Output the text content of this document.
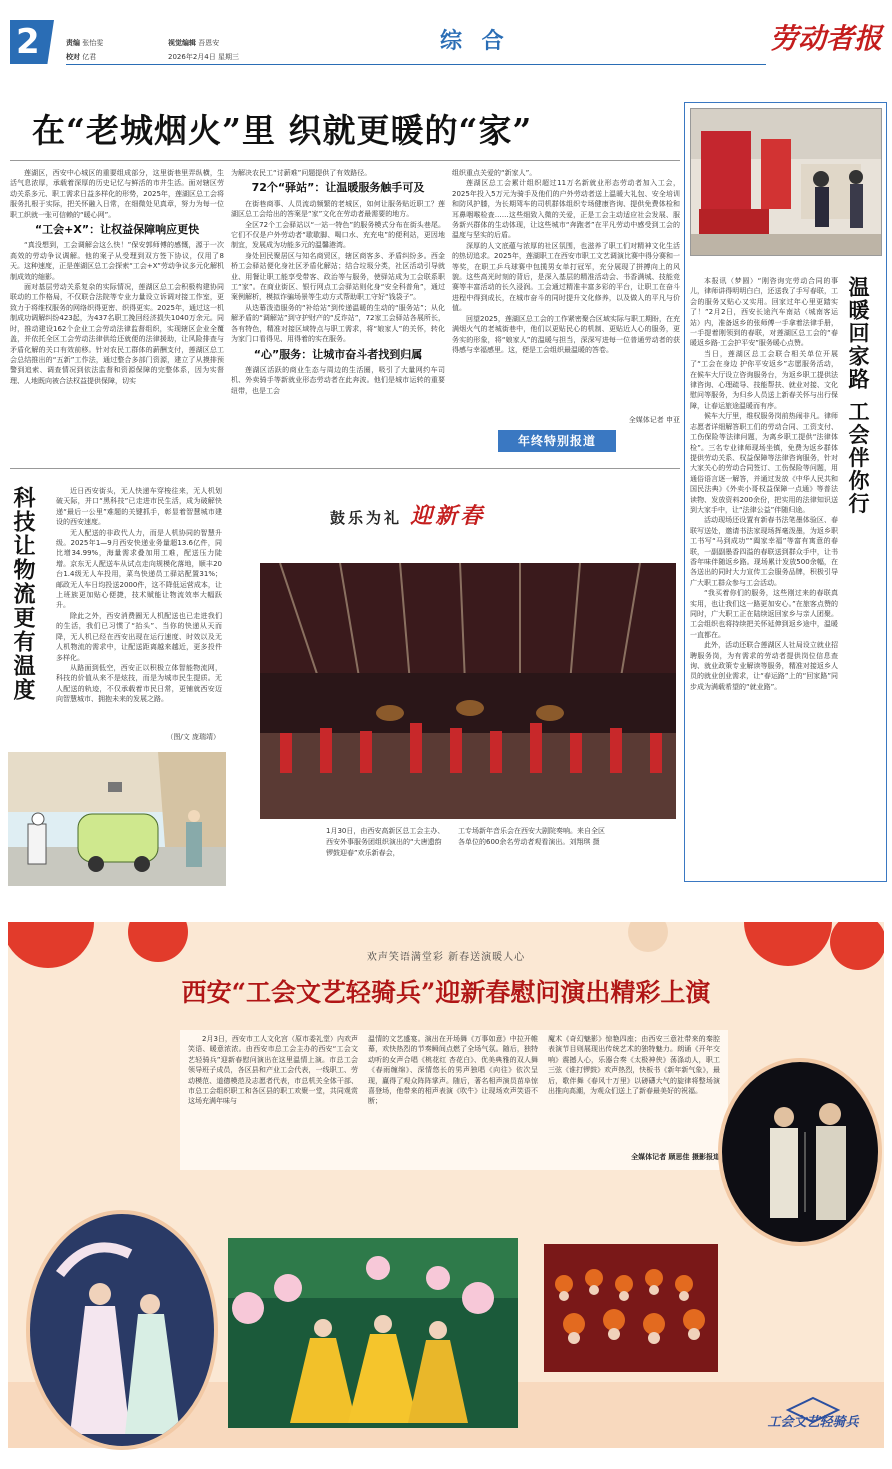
2	责编 张怡雯
校对 亿君
视觉编辑 吾恩安
2026年2月4日 星期三
综 合	劳动者报
在“老城烟火”里 织就更暖的“家”

莲湖区，西安中心城区的重要组成部分，这里街巷里弄纵横，生活气息浓厚，承载着深厚的历史记忆与鲜活的市井生活。面对辖区劳动关系多元、职工需求日益多样化的形势，2025年，莲湖区总工会将服务扎根于实际，把关怀融入日常，在细微处见真章，努力为每一位职工织就一张可信赖的“暖心网”。

“工会+X”：让权益保障响应更快

“真没想到，工会调解会这么快！”保安郭师傅的感慨，源于一次高效的劳动争议调解。他的案子从受理到双方签下协议，仅用了8天。这种速度，正是莲湖区总工会探索“工会+X”劳动争议多元化解机制成效的缩影。

面对基层劳动关系复杂的实际情况，莲湖区总工会积极构建协同联动的工作格局，不仅联合法院等专业力量设立诉调对接工作室，更致力于将维权服务的网络织得更密、织得更实。2025年，通过这一机制成功调解纠纷423起，为437名职工挽回经济损失1040万余元。同时，推动建设162个企业工会劳动法律监督组织，实现辖区企业全覆盖，并依托全区工会劳动法律供给还就便的法律援助，让风险排查与矛盾化解的关口有效前移。针对农民工群体的薪酬支付，莲湖区总工会总结推出的“五新”工作法，通过整合多部门资源，建立了从摸排预警到追索、调查情况到依法监督和资源保障的完整体系，因为实督理、人地既向被合法权益提供保障，切实

为解决农民工“讨薪难”问题提供了有效路径。

72个“驿站”：让温暖服务触手可及

在街巷商事、人员流动频繁的老城区，如何让服务贴近职工？莲湖区总工会给出的答案是“家”文化在劳动者最需要的地方。

全区72个工会驿站以“一站一特色”的服务模式分布在街头巷尾。它们不仅是户外劳动者“歇歇脚、喝口水、充充电”的便利站，更因地制宜，发展成为功能多元的温馨港湾。

身处回民聚居区与知名商贸区，辖区商客多、矛盾纠纷多。西金桥工会驿站便化身社区矛盾化解站；结合垃圾分类，社区活动引导就业、用餐让职工能享受带客、政治等与服务，使驿站成为工会联系职工“家”。在商业街区、银行网点工会驿站则化身“安全科普角”，通过案例解析，模拟诈骗场景等生动方式帮助职工守好“钱袋子”。

从迭幕泼造服务的“补给站”到传递温暖的生动的“服务站”；从化解矛盾的“调解站”到守护财产的“反诈站”，72家工会驿站各展所长，各有特色，精准对接区域特点与职工需求，将“娘家人”的关怀，转化为家门口看得见、用得着的实在服务。

“心”服务：让城市奋斗者找到归属

莲湖区活跃的商业生态与周边的生活圈，吸引了大量网约车司机、外卖骑手等新就业形态劳动者在此奔波。他们是城市运转的重要纽带，也是工会

组织重点关爱的“新家人”。

莲湖区总工会累计组织超过11万名新就业形态劳动者加入工会，2025年投入5万元为骑手及他们的户外劳动者送上温暖大礼包、安全培训和防风护膝，为长期驾车的司机群体组织专场健康咨询、提供免费体检和耳鼻咽喉检查……这些细致入微的关爱，正是工会主动适应社会发展、服务新兴群体的生动体现，让这些城市“奔跑者”在平凡劳动中感受到工会的温度与坚实的后盾。

深厚的人文底蕴与浓厚的社区氛围，也滋养了职工们对精神文化生活的热切追求。2025年，莲湖职工在西安市职工文艺调演比赛中得分赛和一等奖，在职工乒乓球赛中包揽男女单打冠军，充分展现了拼搏向上的风貌。这些高光时刻的背后，是深入基层的精准活动会、书香满城、技能竞赛等丰富活动的长久浸润。工会通过精准丰富多彩的平台，让职工在奋斗进程中得到成长，在城市奋斗的同时提升文化修养，以及做人的平凡与价值。

回望2025，莲湖区总工会的工作紧密聚合区域实际与职工期盼，在充满烟火气的老城街巷中，他们以更贴民心的机制、更贴近人心的服务，更务实的形象，将“娘家人”的温暖与担当，深深写进每一位普通劳动者的获得感与幸福感里。这，便是工会组织最温暖的答卷。

全媒体记者 申亚
年终特别报道	温暖回家路 工会伴你行

本报讯（梦圆）“刚咨询完劳动合同的事儿，律师讲得明明白白，还送我了手写春联，工会的服务又贴心又实用。回家过年心里更踏实了！”2月2日，西安长途汽车南站（城南客运站）内，准备返乡的张师傅一手拿着法律手册，一手提着刚领到的春联，对莲湖区总工会的“春暖返乡路·工会护平安”服务暖心点赞。

当日，莲湖区总工会联合相关单位开展了“工会在身边 护你平安返乡”志愿服务活动，在候车大厅设立咨询服务台，为返乡职工提供法律咨询、心理疏导、技能帮扶、就业对接、文化慰问等服务，为归乡人员送上新春关怀与出行保障，让春运旅途温暖而有序。

候车大厅里，维权服务岗前热闹非凡。律师志愿者详细解答职工们的劳动合同、工资支付、工伤保险等法律问题，为离乡职工提供“法律体检”。三名专业律师现场坐镇，免费为返乡群体提供劳动关系、权益保障等法律咨询服务，针对大家关心的劳动合同签订、工伤保险等问题，用通俗语言逐一解答，并通过发放《中华人民共和国民法典》《外卖小哥权益保障一点通》等普法读物、发放资料200余份，把实用的法律知识送到大家手中，让“法律公益”伴随归途。

活动现场还设置有新春书法笔墨体验区、春联写送处，邀请书法家现场挥毫泼墨，为返乡职工书写“马到成功”“阖家幸福”等富有寓意的春联，一副副墨香四溢的春联送到群众手中，让书香年味伴随返乡路。现场累计发放500余幅，在各送出的同时大力宣传工会服务品牌，积极引导广大职工群众参与工会活动。

“我买着你们的服务，这些刚过来的春联真实用，也让我们这一路更加安心。”在旅客点赞的同时，广大职工正在陆续返回家乡与亲人团聚。工会组织也将持续把关怀延伸到返乡途中，温暖一直都在。

此外，活动还联合莲湖区人社局设立就业招聘服务岗，为有需求的劳动者提供岗位信息查询、就业政策专业解读等服务，精准对接返乡人员的就业创业需求，让“春运路”上的“回家路”同步成为满载希望的“就业路”。

科技让物流更有温度	近日西安街头，无人快递车穿梭往来，无人机划破天际，并口“黑科技”已走进市民生活，成为破解快递“最后一公里”难题的关键抓手，彰显着智慧城市建设的西安速度。

无人配送的非政代人力，而是人机协同的智慧升级。2025年1—9月西安快递业务量超13.6亿件，同比增34.99%，海量需求叠加用工难，配送压力陡增。京东无人配送车从试点走向规模化落地，顺丰20台1.4级无人车投用，菜鸟快递员工驿站配置31%；邮政无人车日均投送2000件，这不降低运营成本，让上班族更加贴心便捷，技术赋能让物流效率大幅跃升。

除此之外，西安消费圈无人机配送也已走进我们的生活，我们已习惯了“抬头”、当你的快递从天而降，无人机已经在西安出现在运行速度、时效以及无人机物流的需求中，让配送距离越来越近，更多投件多样化。

从路面到低空，西安正以积极立体智能物流网，科技的价值从来不是炫技，而是为城市民生提质。无人配送的轨迹，不仅承载着市民日常，更铺就西安迈向智慧城市、拥抱未来的发展之路。

（图/文 庞瑞靖）
鼓乐为礼 迎新春
1月30日，由西安高新区总工会主办、西安外事服务团组织演出的“大唐遗韵 锣鼓迎春”欢乐新春会，
工专场新年音乐会在西安大剧院奏响。来自全区各单位的600余名劳动者观看演出。刘翔琪 摄
欢声笑语满堂彩 新春送演暖人心
西安“工会文艺轻骑兵”迎新春慰问演出精彩上演

2月3日，西安市工人文化宫（原市委礼堂）内欢声笑语、暖意浓浓。由西安市总工会主办的西安“工会文艺轻骑兵”迎新春慰问演出在这里温情上演。市总工会领导班子成员，各区县和产业工会代表，一线职工、劳动模范、道德模范及志愿者代表，市总机关全体干部、市总工会组织职工和各区县的职工欢聚一堂，共同观赏这场充满年味与

温情的文艺盛宴。演出在开场舞《万事如意》中拉开帷幕，欢快热烈的节奏瞬间点燃了全场气氛。随后，独特动听的女声合唱《桃花红 杏花白》、优美典雅的双人舞《春雨缠绵》、深情悠长的男声独唱《向往》依次呈现，赢得了观众阵阵掌声。随后，著名相声演员苗阜惊喜登场，他带来的相声表演《吹牛》让现场欢声笑语不断；

魔术《奇幻魅影》惊艳四座；由西安三意社带来的秦腔表演节目则展现出传统艺术的独特魅力。朗诵《开年交响》震撼人心，乐器合奏《太极神侠》荡涤动人，职工三弦《谁打锣鼓》欢声热烈，快板书《新年新气象》，最后，歌伴舞《春风十万里》以磅礴大气的旋律将整场演出推向高潮，为观众们送上了新春最美好的祝福。

全媒体记者 顾思佳 摄影报道
工会文艺轻骑兵
